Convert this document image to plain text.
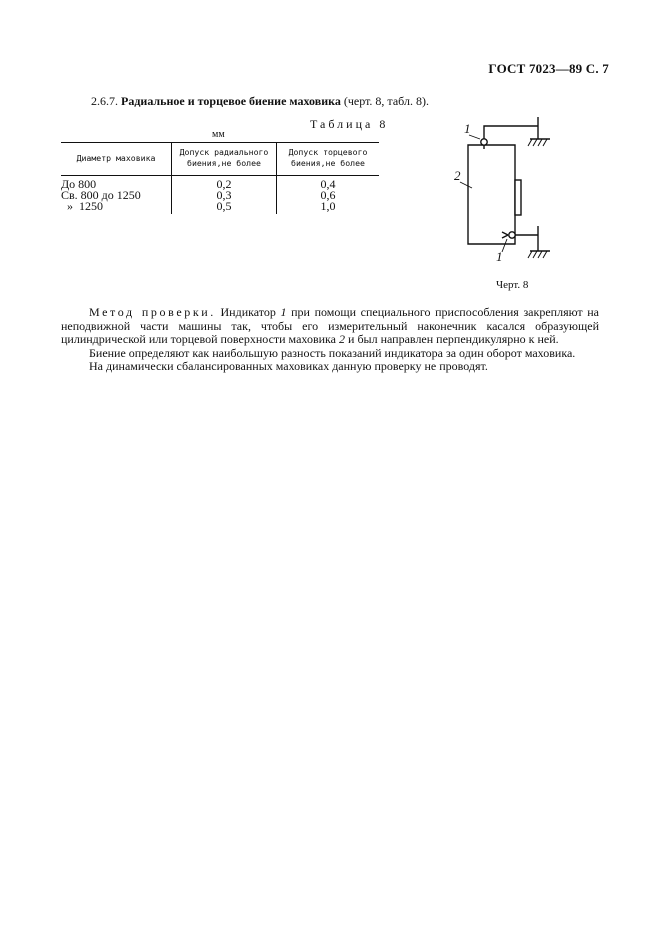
ГОСТ 7023—89 С. 7
2.6.7. Радиальное и торцевое биение маховика (черт. 8, табл. 8).
Таблица 8
мм
Диаметр маховика	Допуск радиального биения,не более	Допуск торцевого биения,не более
До 800	0,2	0,4
Св. 800 до 1250	0,3	0,6
»  1250	0,5	1,0
1
2
1
Черт. 8

Метод проверки. Индикатор 1 при помощи специального приспособления закрепляют на неподвижной части машины так, чтобы его измерительный наконечник касался образующей цилиндрической или торцевой поверхности маховика 2 и был направлен перпендикулярно к ней.

Биение определяют как наибольшую разность показаний индикатора за один оборот маховика.

На динамически сбалансированных маховиках данную проверку не проводят.
